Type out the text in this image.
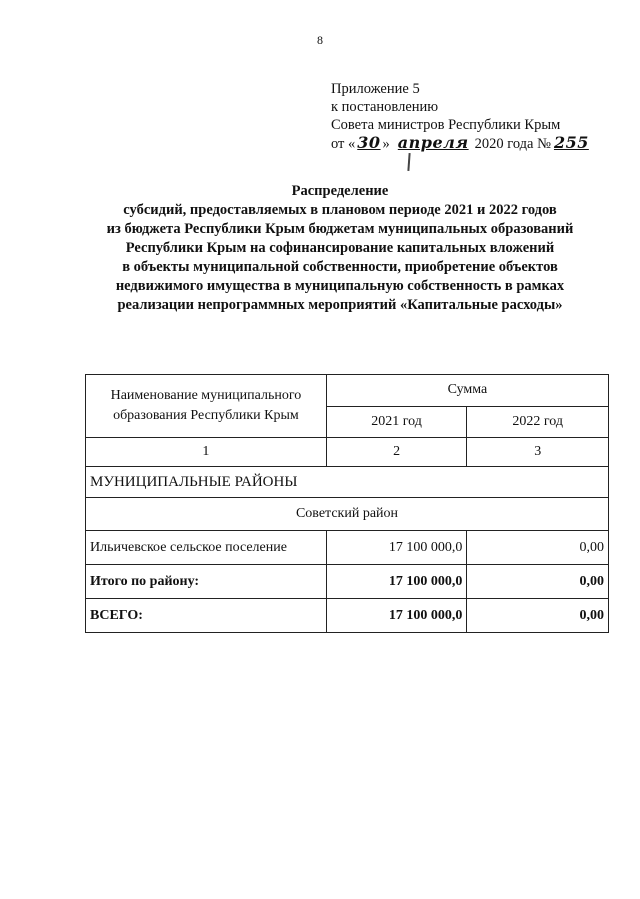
8
Приложение 5
к постановлению
Совета министров Республики Крым
от « 30 » апреля 2020 года № 255
Распределение
субсидий, предоставляемых в плановом периоде 2021 и 2022 годов
из бюджета Республики Крым бюджетам муниципальных образований
Республики Крым на софинансирование капитальных вложений
в объекты муниципальной собственности, приобретение объектов
недвижимого имущества в муниципальную собственность в рамках
реализации непрограммных мероприятий «Капитальные расходы»
Наименование муниципального
образования Республики Крым	Сумма	
	2021 год	2022 год
1	2	3
МУНИЦИПАЛЬНЫЕ РАЙОНЫ		
Советский район		
Ильичевское сельское поселение	17 100 000,0	0,00
Итого по району:	17 100 000,0	0,00
ВСЕГО:	17 100 000,0	0,00
